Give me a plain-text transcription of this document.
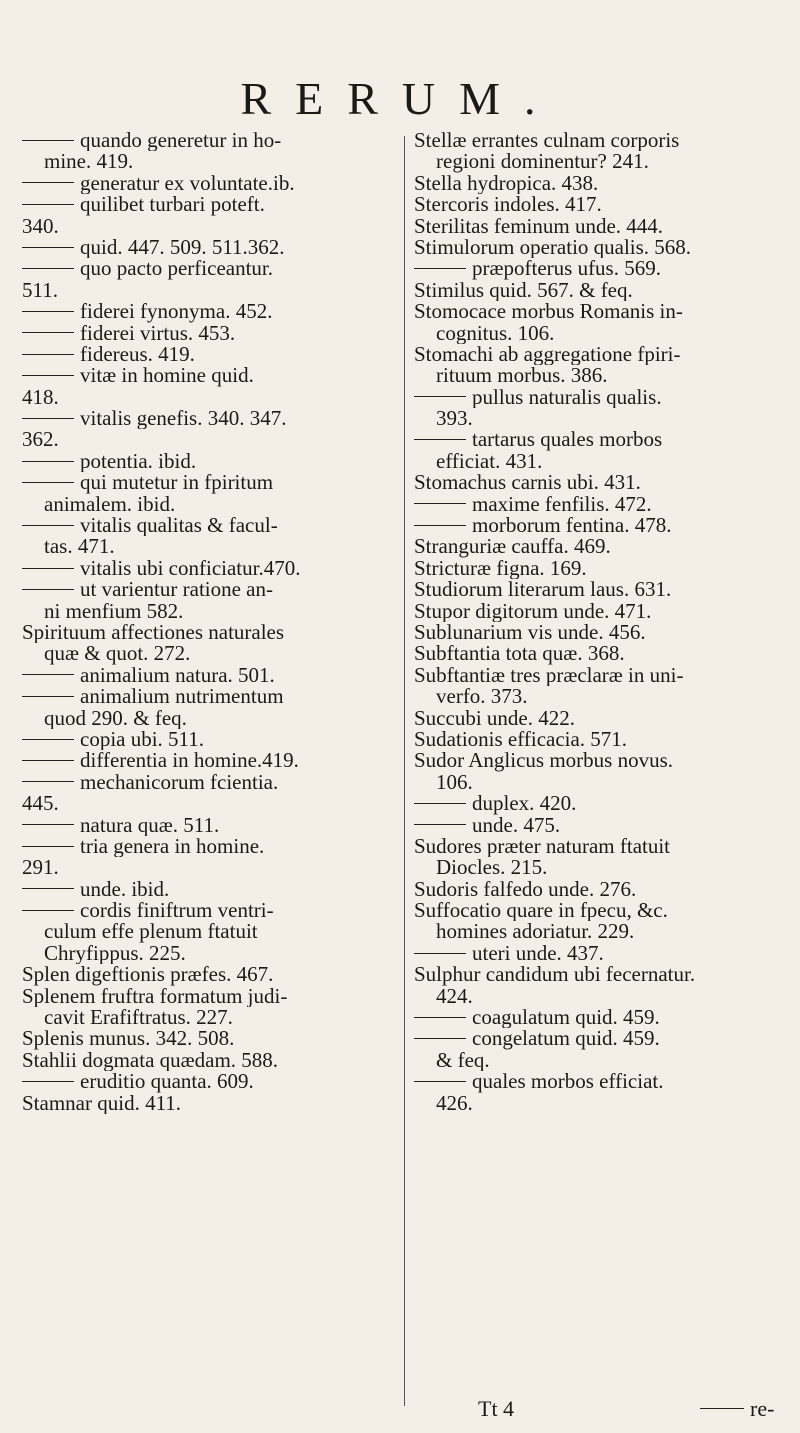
RERUM.
quando generetur in ho-
mine. 419.
generatur ex voluntate.ib.
quilibet turbari poteft.
340.
quid. 447. 509. 511.362.
quo pacto perficeantur.
511.
fiderei fynonyma. 452.
fiderei virtus. 453.
fidereus. 419.
vitæ in homine quid.
418.
vitalis genefis. 340. 347.
362.
potentia. ibid.
qui mutetur in fpiritum
animalem. ibid.
vitalis qualitas & facul-
tas. 471.
vitalis ubi conficiatur.470.
ut varientur ratione an-
ni menfium 582.
Spirituum affectiones naturales
quæ & quot. 272.
animalium natura. 501.
animalium nutrimentum
quod 290. & feq.
copia ubi. 511.
differentia in homine.419.
mechanicorum fcientia.
445.
natura quæ. 511.
tria genera in homine.
291.
unde. ibid.
cordis finiftrum ventri-
culum effe plenum ftatuit
Chryfippus. 225.
Splen digeftionis præfes. 467.
Splenem fruftra formatum judi-
cavit Erafiftratus. 227.
Splenis munus. 342. 508.
Stahlii dogmata quædam. 588.
eruditio quanta. 609.
Stamnar quid. 411.
Stellæ errantes culnam corporis
regioni dominentur? 241.
Stella hydropica. 438.
Stercoris indoles. 417.
Sterilitas feminum unde. 444.
Stimulorum operatio qualis. 568.
præpofterus ufus. 569.
Stimilus quid. 567. & feq.
Stomocace morbus Romanis in-
cognitus. 106.
Stomachi ab aggregatione fpiri-
rituum morbus. 386.
pullus naturalis qualis.
393.
tartarus quales morbos
efficiat. 431.
Stomachus carnis ubi. 431.
maxime fenfilis. 472.
morborum fentina. 478.
Stranguriæ cauffa. 469.
Stricturæ figna. 169.
Studiorum literarum laus. 631.
Stupor digitorum unde. 471.
Sublunarium vis unde. 456.
Subftantia tota quæ. 368.
Subftantiæ tres præclaræ in uni-
verfo. 373.
Succubi unde. 422.
Sudationis efficacia. 571.
Sudor Anglicus morbus novus.
106.
duplex. 420.
unde. 475.
Sudores præter naturam ftatuit
Diocles. 215.
Sudoris falfedo unde. 276.
Suffocatio quare in fpecu, &c.
homines adoriatur. 229.
uteri unde. 437.
Sulphur candidum ubi fecernatur.
424.
coagulatum quid. 459.
congelatum quid. 459.
& feq.
quales morbos efficiat.
426.
Tt 4	re-
